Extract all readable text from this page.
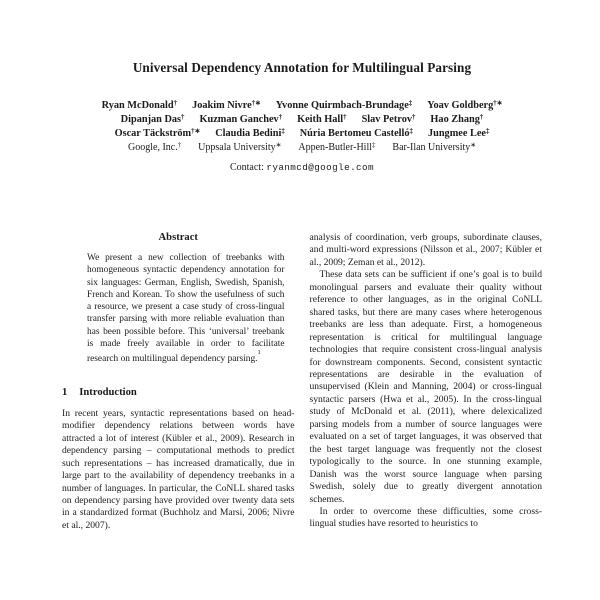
Universal Dependency Annotation for Multilingual Parsing
Ryan McDonald† Joakim Nivre†∗ Yvonne Quirmbach-Brundage‡ Yoav Goldberg†∗
Dipanjan Das† Kuzman Ganchev† Keith Hall† Slav Petrov† Hao Zhang†
Oscar Täckström†∗ Claudia Bedini‡ Núria Bertomeu Castelló‡ Jungmee Lee‡
Google, Inc.† Uppsala University∗ Appen-Butler-Hill‡ Bar-Ilan University∗
Contact: ryanmcd@google.com
Abstract

We present a new collection of treebanks with homogeneous syntactic dependency annotation for six languages: German, English, Swedish, Spanish, French and Korean. To show the usefulness of such a resource, we present a case study of cross-lingual transfer parsing with more reliable evaluation than has been possible before. This ‘universal’ treebank is made freely available in order to facilitate research on multilingual dependency parsing.$^1$

1 Introduction

In recent years, syntactic representations based on head-modifier dependency relations between words have attracted a lot of interest (Kübler et al., 2009). Research in dependency parsing – computational methods to predict such representations – has increased dramatically, due in large part to the availability of dependency treebanks in a number of languages. In particular, the CoNLL shared tasks on dependency parsing have provided over twenty data sets in a standardized format (Buchholz and Marsi, 2006; Nivre et al., 2007).

analysis of coordination, verb groups, subordinate clauses, and multi-word expressions (Nilsson et al., 2007; Kübler et al., 2009; Zeman et al., 2012).

These data sets can be sufficient if one’s goal is to build monolingual parsers and evaluate their quality without reference to other languages, as in the original CoNLL shared tasks, but there are many cases where heterogenous treebanks are less than adequate. First, a homogeneous representation is critical for multilingual language technologies that require consistent cross-lingual analysis for downstream components. Second, consistent syntactic representations are desirable in the evaluation of unsupervised (Klein and Manning, 2004) or cross-lingual syntactic parsers (Hwa et al., 2005). In the cross-lingual study of McDonald et al. (2011), where delexicalized parsing models from a number of source languages were evaluated on a set of target languages, it was observed that the best target language was frequently not the closest typologically to the source. In one stunning example, Danish was the worst source language when parsing Swedish, solely due to greatly divergent annotation schemes.

In order to overcome these difficulties, some cross-lingual studies have resorted to heuristics to
